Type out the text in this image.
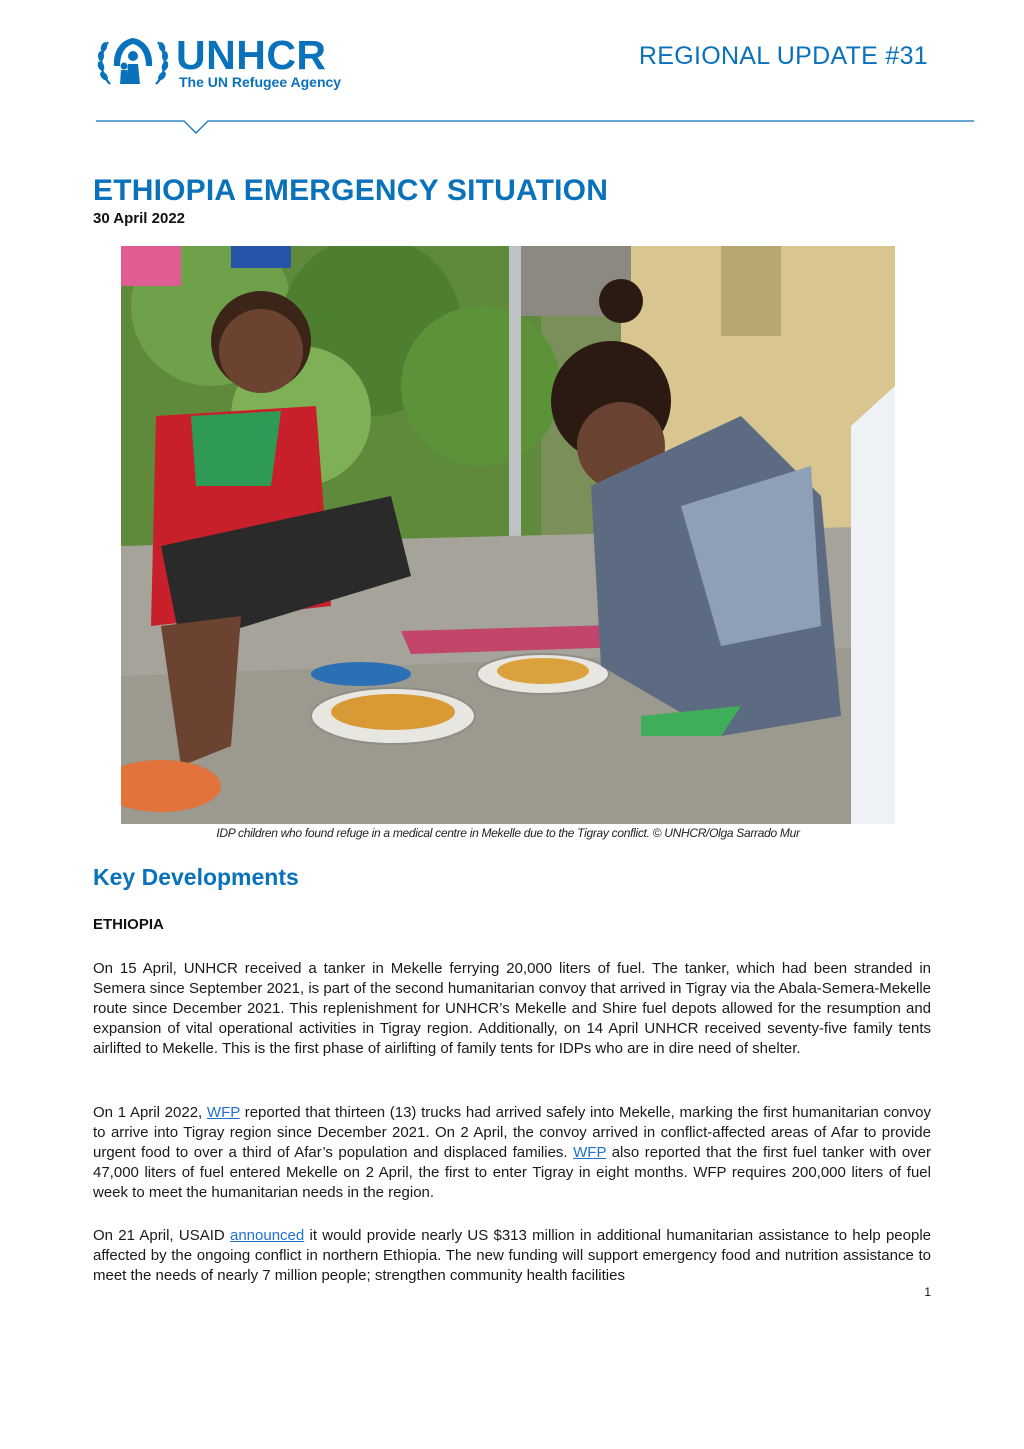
UNHCR
The UN Refugee Agency
REGIONAL UPDATE #31
ETHIOPIA EMERGENCY SITUATION
30 April 2022
IDP children who found refuge in a medical centre in Mekelle due to the Tigray conflict. © UNHCR/Olga Sarrado Mur
Key Developments
ETHIOPIA

On 15 April, UNHCR received a tanker in Mekelle ferrying 20,000 liters of fuel. The tanker, which had been stranded in Semera since September 2021, is part of the second humanitarian convoy that arrived in Tigray via the Abala-Semera-Mekelle route since December 2021. This replenishment for UNHCR’s Mekelle and Shire fuel depots allowed for the resumption and expansion of vital operational activities in Tigray region. Additionally, on 14 April UNHCR received seventy-five family tents airlifted to Mekelle. This is the first phase of airlifting of family tents for IDPs who are in dire need of shelter.

On 1 April 2022, WFP reported that thirteen (13) trucks had arrived safely into Mekelle, marking the first humanitarian convoy to arrive into Tigray region since December 2021. On 2 April, the convoy arrived in conflict-affected areas of Afar to provide urgent food to over a third of Afar’s population and displaced families. WFP also reported that the first fuel tanker with over 47,000 liters of fuel entered Mekelle on 2 April, the first to enter Tigray in eight months. WFP requires 200,000 liters of fuel week to meet the humanitarian needs in the region.

On 21 April, USAID announced it would provide nearly US $313 million in additional humanitarian assistance to help people affected by the ongoing conflict in northern Ethiopia. The new funding will support emergency food and nutrition assistance to meet the needs of nearly 7 million people; strengthen community health facilities

1
